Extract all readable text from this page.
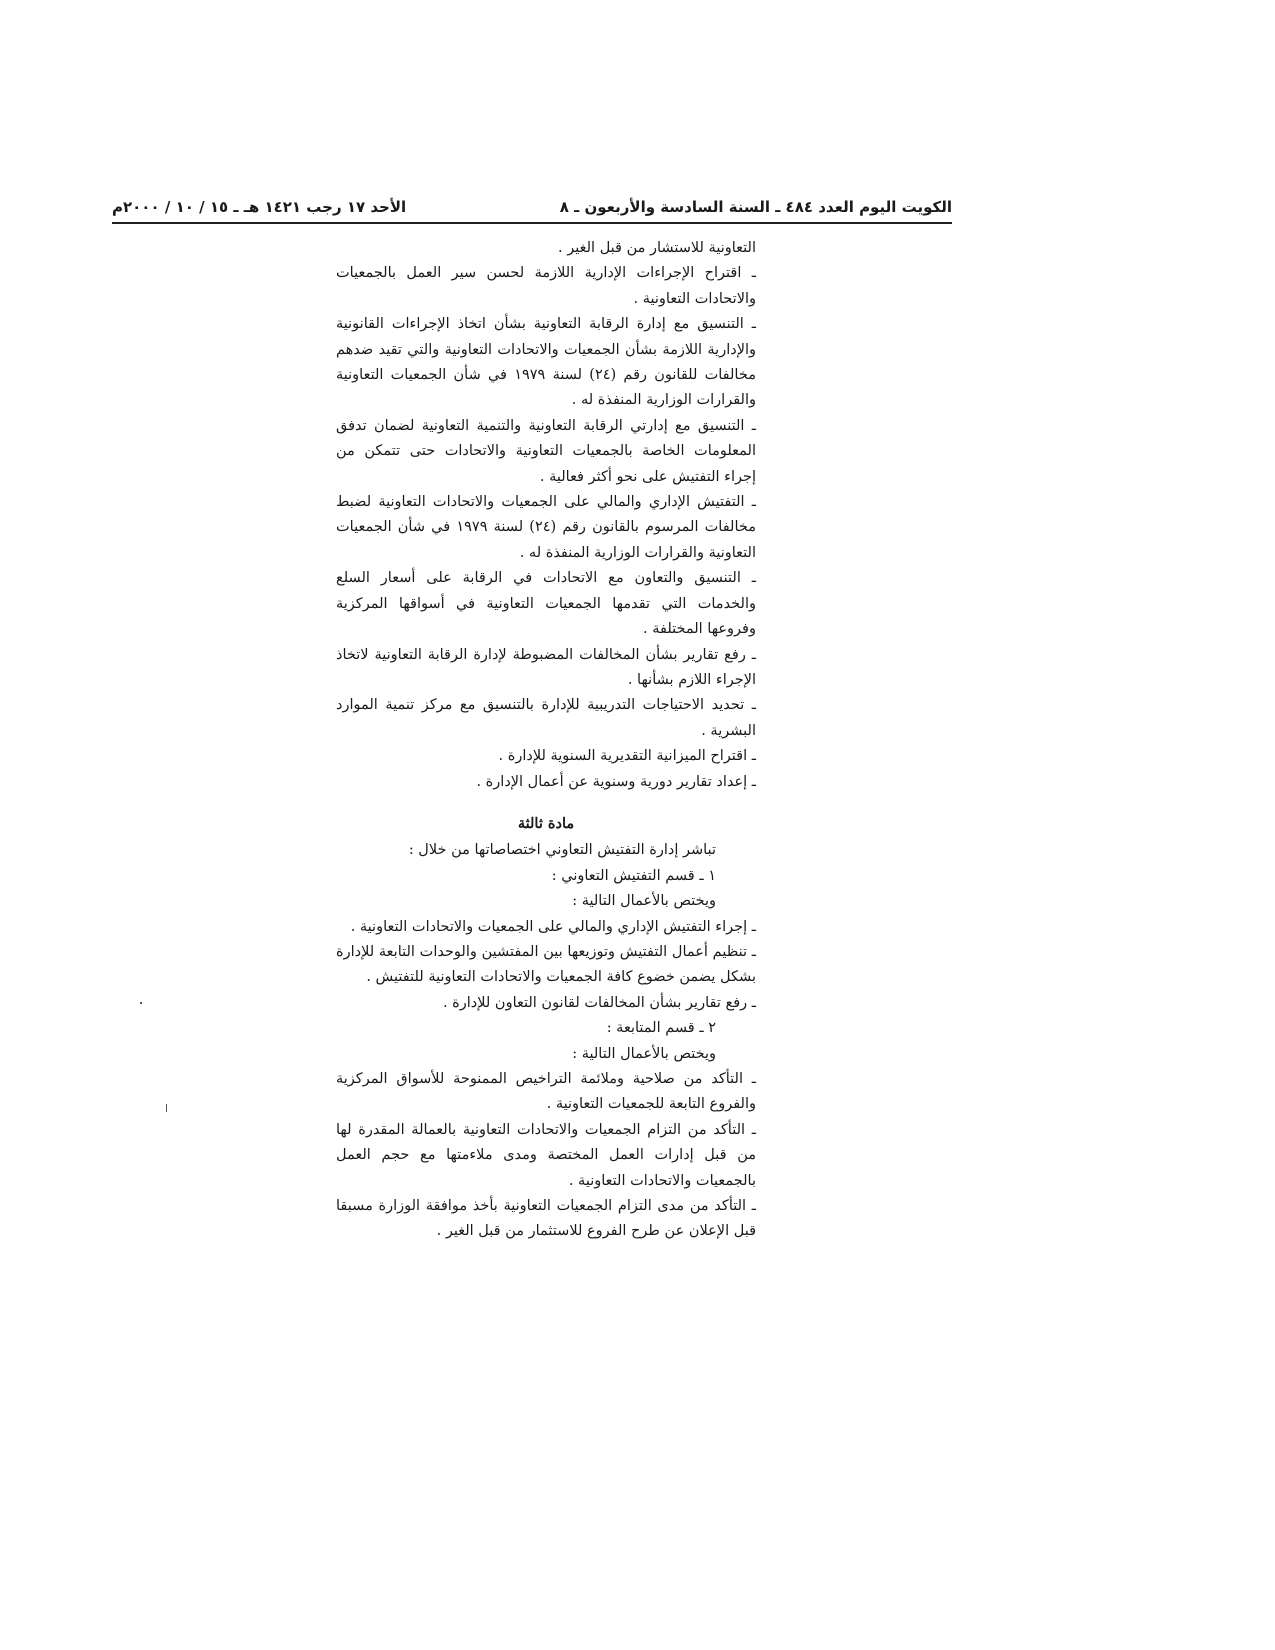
الكويت اليوم العدد ٤٨٤ ـ السنة السادسة والأربعون ـ ٨
الأحد ١٧ رجب ١٤٢١ هـ ـ ١٥ / ١٠ / ٢٠٠٠م

التعاونية للاستشار من قبل الغير .

ـ اقتراح الإجراءات الإدارية اللازمة لحسن سير العمل بالجمعيات والاتحادات التعاونية .

ـ التنسيق مع إدارة الرقابة التعاونية بشأن اتخاذ الإجراءات القانونية والإدارية اللازمة بشأن الجمعيات والاتحادات التعاونية والتي تقيد ضدهم مخالفات للقانون رقم (٢٤) لسنة ١٩٧٩ في شأن الجمعيات التعاونية والقرارات الوزارية المنفذة له .

ـ التنسيق مع إدارتي الرقابة التعاونية والتنمية التعاونية لضمان تدفق المعلومات الخاصة بالجمعيات التعاونية والاتحادات حتى تتمكن من إجراء التفتيش على نحو أكثر فعالية .

ـ التفتيش الإداري والمالي على الجمعيات والاتحادات التعاونية لضبط مخالفات المرسوم بالقانون رقم (٢٤) لسنة ١٩٧٩ في شأن الجمعيات التعاونية والقرارات الوزارية المنفذة له .

ـ التنسيق والتعاون مع الاتحادات في الرقابة على أسعار السلع والخدمات التي تقدمها الجمعيات التعاونية في أسواقها المركزية وفروعها المختلفة .

ـ رفع تقارير بشأن المخالفات المضبوطة لإدارة الرقابة التعاونية لاتخاذ الإجراء اللازم بشأنها .

ـ تحديد الاحتياجات التدريبية للإدارة بالتنسيق مع مركز تنمية الموارد البشرية .

ـ اقتراح الميزانية التقديرية السنوية للإدارة .

ـ إعداد تقارير دورية وسنوية عن أعمال الإدارة .

مادة ثالثة

تباشر إدارة التفتيش التعاوني اختصاصاتها من خلال :

١ ـ قسم التفتيش التعاوني :

ويختص بالأعمال التالية :

ـ إجراء التفتيش الإداري والمالي على الجمعيات والاتحادات التعاونية .

ـ تنظيم أعمال التفتيش وتوزيعها بين المفتشين والوحدات التابعة للإدارة بشكل يضمن خضوع كافة الجمعيات والاتحادات التعاونية للتفتيش .

ـ رفع تقارير بشأن المخالفات لقانون التعاون للإدارة .

٢ ـ قسم المتابعة :

ويختص بالأعمال التالية :

ـ التأكد من صلاحية وملائمة التراخيص الممنوحة للأسواق المركزية والفروع التابعة للجمعيات التعاونية .

ـ التأكد من التزام الجمعيات والاتحادات التعاونية بالعمالة المقدرة لها من قبل إدارات العمل المختصة ومدى ملاءمتها مع حجم العمل بالجمعيات والاتحادات التعاونية .

ـ التأكد من مدى التزام الجمعيات التعاونية بأخذ موافقة الوزارة مسبقا قبل الإعلان عن طرح الفروع للاستثمار من قبل الغير .
